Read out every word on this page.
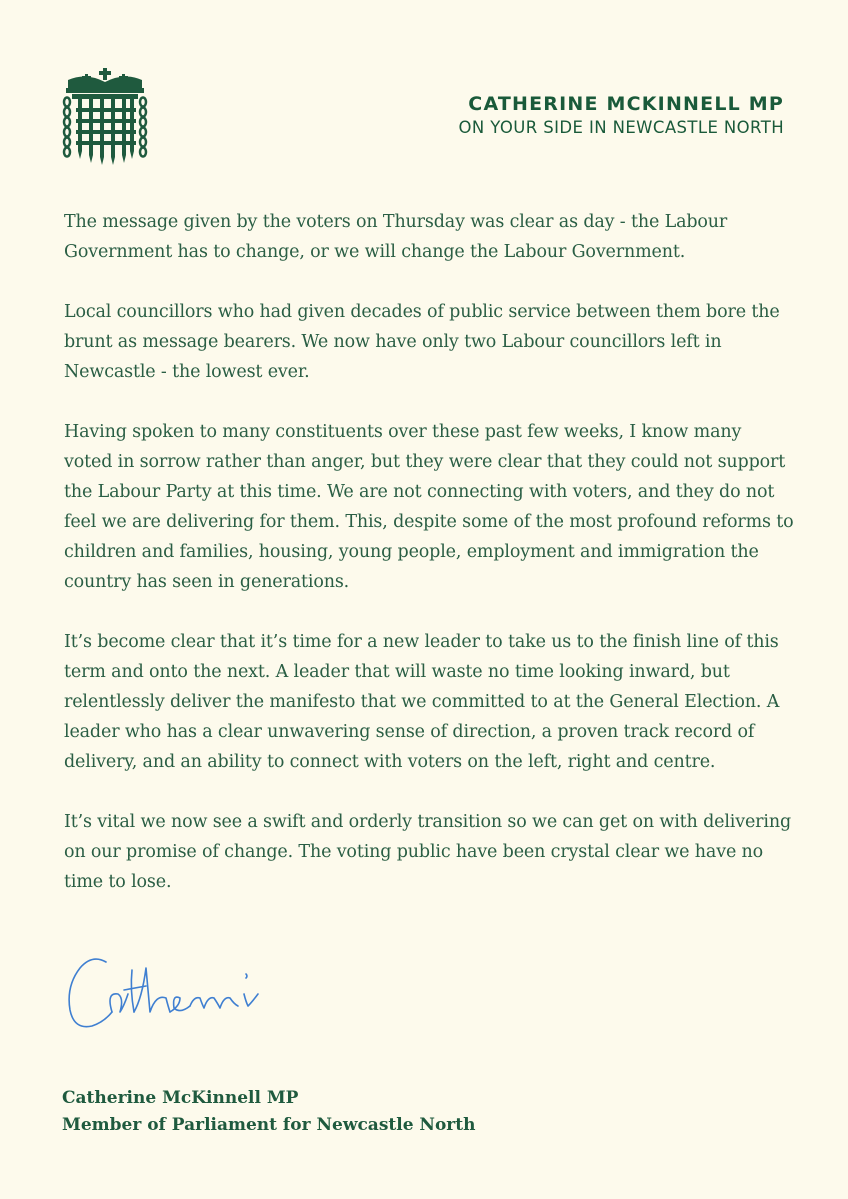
CATHERINE MCKINNELL MP
ON YOUR SIDE IN NEWCASTLE NORTH

The message given by the voters on Thursday was clear as day - the Labour Government has to change, or we will change the Labour Government.

Local councillors who had given decades of public service between them bore the brunt as message bearers. We now have only two Labour councillors left in Newcastle - the lowest ever.

Having spoken to many constituents over these past few weeks, I know many voted in sorrow rather than anger, but they were clear that they could not support the Labour Party at this time. We are not connecting with voters, and they do not feel we are delivering for them. This, despite some of the most profound reforms to children and families, housing, young people, employment and immigration the country has seen in generations.

It’s become clear that it’s time for a new leader to take us to the finish line of this term and onto the next. A leader that will waste no time looking inward, but relentlessly deliver the manifesto that we committed to at the General Election. A leader who has a clear unwavering sense of direction, a proven track record of delivery, and an ability to connect with voters on the left, right and centre.

It’s vital we now see a swift and orderly transition so we can get on with delivering on our promise of change. The voting public have been crystal clear we have no time to lose.

Catherine McKinnell MP
Member of Parliament for Newcastle North
